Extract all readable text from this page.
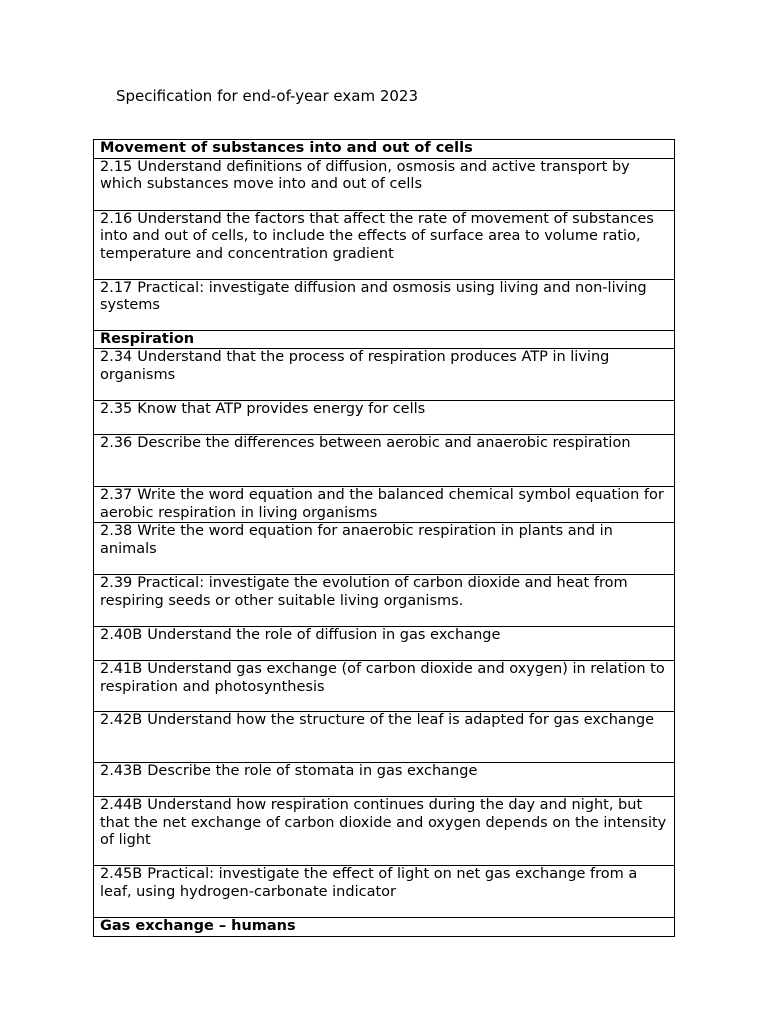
Specification for end-of-year exam 2023
Movement of substances into and out of cells
2.15 Understand definitions of diffusion, osmosis and active transport by which substances move into and out of cells
2.16 Understand the factors that affect the rate of movement of substances into and out of cells, to include the effects of surface area to volume ratio, temperature and concentration gradient
2.17 Practical: investigate diffusion and osmosis using living and non-living systems
Respiration
2.34 Understand that the process of respiration produces ATP in living organisms
2.35 Know that ATP provides energy for cells
2.36 Describe the differences between aerobic and anaerobic respiration
2.37 Write the word equation and the balanced chemical symbol equation for aerobic respiration in living organisms
2.38 Write the word equation for anaerobic respiration in plants and in animals
2.39 Practical: investigate the evolution of carbon dioxide and heat from respiring seeds or other suitable living organisms.
2.40B Understand the role of diffusion in gas exchange
2.41B Understand gas exchange (of carbon dioxide and oxygen) in relation to respiration and photosynthesis
2.42B Understand how the structure of the leaf is adapted for gas exchange
2.43B Describe the role of stomata in gas exchange
2.44B Understand how respiration continues during the day and night, but that the net exchange of carbon dioxide and oxygen depends on the intensity of light
2.45B Practical: investigate the effect of light on net gas exchange from a leaf, using hydrogen-carbonate indicator
Gas exchange – humans
